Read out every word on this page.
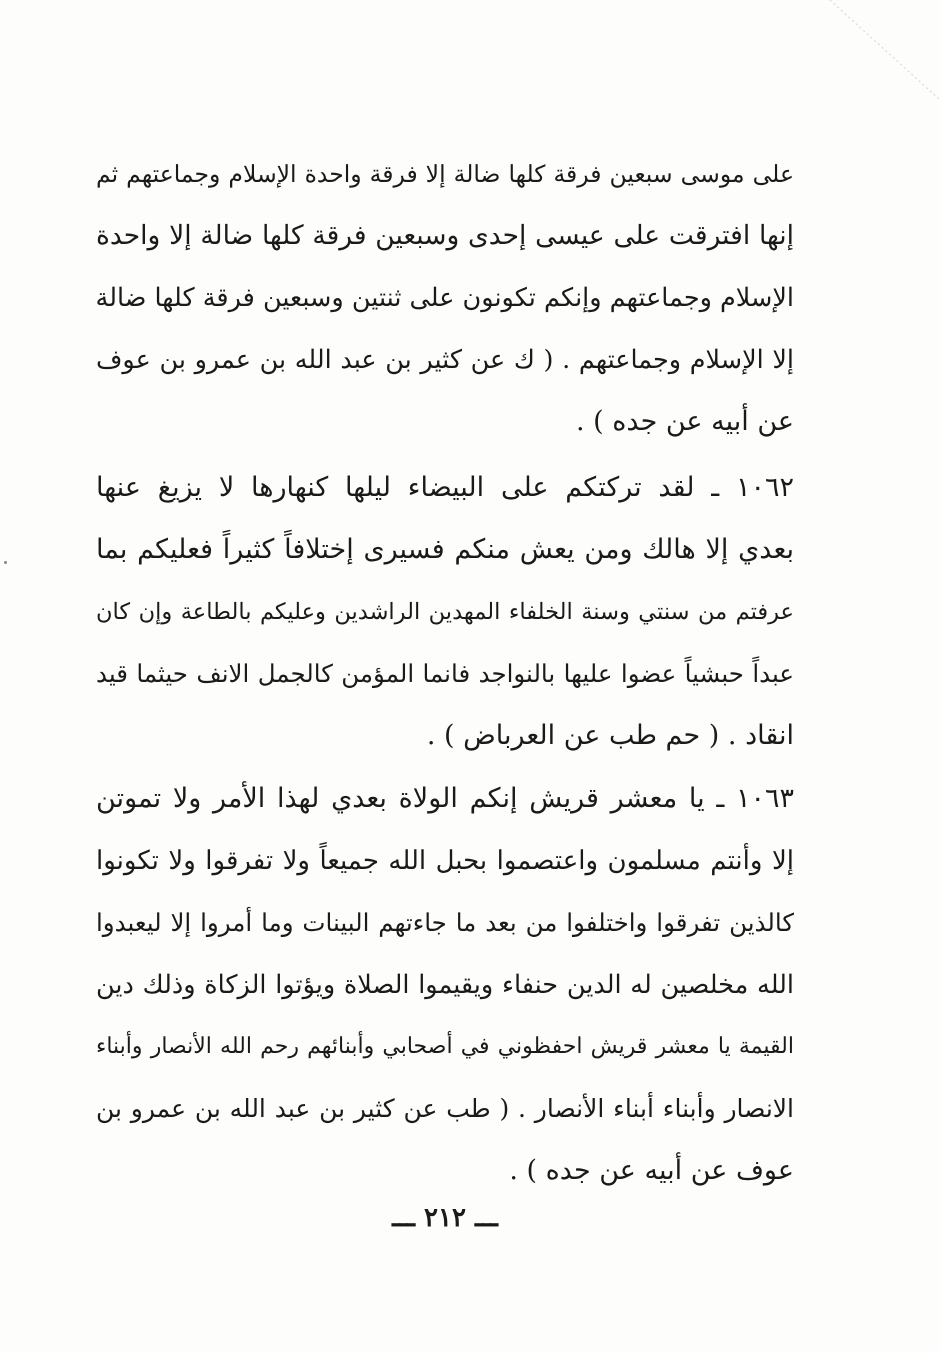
على موسى سبعين فرقة كلها ضالة إلا فرقة واحدة الإسلام وجماعتهم ثم
إنها افترقت على عيسى إحدى وسبعين فرقة كلها ضالة إلا واحدة
الإسلام وجماعتهم وإنكم تكونون على ثنتين وسبعين فرقة كلها ضالة
إلا الإسلام وجماعتهم . ( ك عن كثير بن عبد الله بن عمرو بن عوف
عن أبيه عن جده ) .
١٠٦٢ ـ لقد تركتكم على البيضاء ليلها كنهارها لا يزيغ عنها
بعدي إلا هالك ومن يعش منكم فسيرى إختلافاً كثيراً فعليكم بما
عرفتم من سنتي وسنة الخلفاء المهدين الراشدين وعليكم بالطاعة وإن كان
عبداً حبشياً عضوا عليها بالنواجد فانما المؤمن كالجمل الانف حيثما قيد
انقاد . ( حم طب عن العرباض ) .
١٠٦٣ ـ يا معشر قريش إنكم الولاة بعدي لهذا الأمر ولا تموتن
إلا وأنتم مسلمون واعتصموا بحبل الله جميعاً ولا تفرقوا ولا تكونوا
كالذين تفرقوا واختلفوا من بعد ما جاءتهم البينات وما أمروا إلا ليعبدوا
الله مخلصين له الدين حنفاء ويقيموا الصلاة ويؤتوا الزكاة وذلك دين
القيمة يا معشر قريش احفظوني في أصحابي وأبنائهم رحم الله الأنصار وأبناء
الانصار وأبناء أبناء الأنصار . ( طب عن كثير بن عبد الله بن عمرو بن
عوف عن أبيه عن جده ) .
ـــ ٢١٢ ـــ
